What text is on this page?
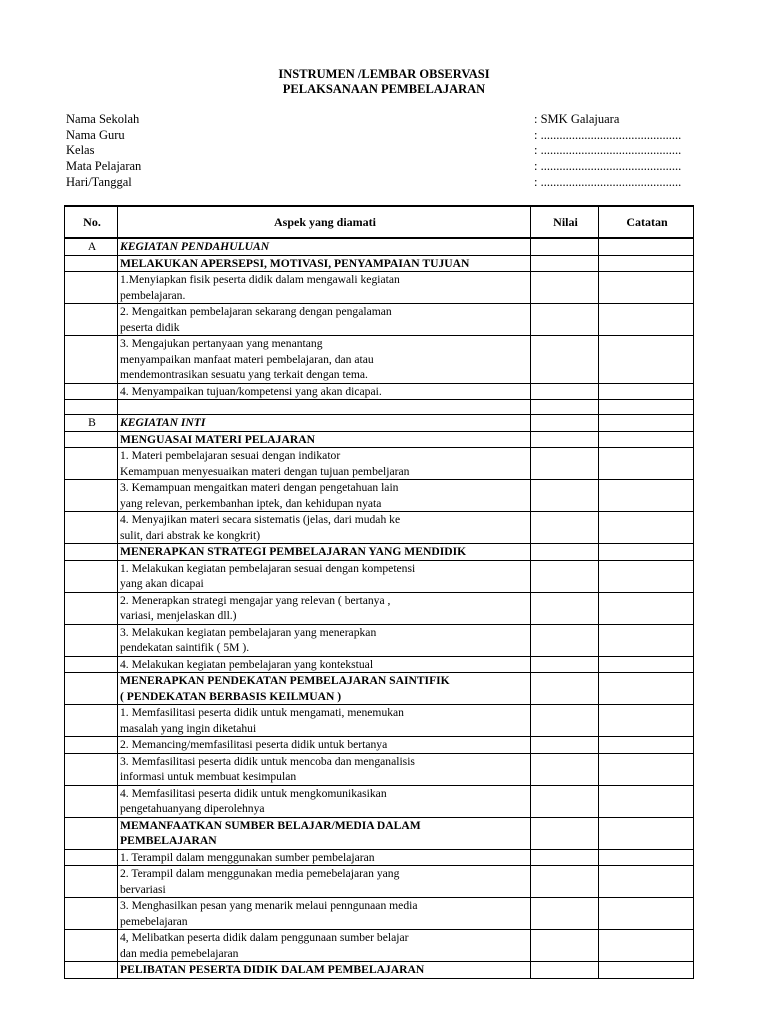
INSTRUMEN /LEMBAR OBSERVASI
PELAKSANAAN PEMBELAJARAN
Nama Sekolah	: SMK Galajuara
Nama Guru	: .............................................
Kelas	: .............................................
Mata Pelajaran	: .............................................
Hari/Tanggal	: .............................................
No.	Aspek yang diamati	Nilai	Catatan
A	KEGIATAN PENDAHULUAN		
	MELAKUKAN APERSEPSI, MOTIVASI, PENYAMPAIAN TUJUAN		
	1.Menyiapkan fisik peserta didik dalam mengawali kegiatan		
	pembelajaran.		
	2. Mengaitkan pembelajaran sekarang dengan pengalaman		
	peserta didik		
	3. Mengajukan pertanyaan yang menantang		
	menyampaikan manfaat materi pembelajaran, dan atau		
	mendemontrasikan sesuatu yang terkait dengan tema.		
	4. Menyampaikan tujuan/kompetensi yang akan dicapai.		

B	KEGIATAN INTI		
	MENGUASAI MATERI PELAJARAN		
	1. Materi pembelajaran sesuai dengan indikator		
	Kemampuan menyesuaikan materi dengan tujuan pembeljaran		
	3. Kemampuan mengaitkan materi dengan pengetahuan lain		
	yang relevan, perkembanhan iptek, dan kehidupan nyata		
	4. Menyajikan materi secara sistematis (jelas, dari mudah ke		
	sulit, dari abstrak ke kongkrit)		
	MENERAPKAN STRATEGI PEMBELAJARAN YANG MENDIDIK		
	1. Melakukan kegiatan pembelajaran sesuai dengan kompetensi		
	yang akan dicapai		
	2. Menerapkan strategi mengajar yang relevan ( bertanya ,		
	variasi, menjelaskan dll.)		
	3. Melakukan kegiatan pembelajaran yang menerapkan		
	pendekatan saintifik ( 5M ).		
	4. Melakukan kegiatan pembelajaran yang kontekstual		
	MENERAPKAN PENDEKATAN PEMBELAJARAN SAINTIFIK		
	( PENDEKATAN BERBASIS KEILMUAN )		
	1. Memfasilitasi peserta didik untuk mengamati, menemukan		
	masalah yang ingin diketahui		
	2. Memancing/memfasilitasi peserta didik untuk bertanya		
	3. Memfasilitasi peserta didik untuk mencoba dan menganalisis		
	informasi untuk membuat kesimpulan		
	4. Memfasilitasi peserta didik untuk mengkomunikasikan		
	pengetahuanyang diperolehnya		
	MEMANFAATKAN SUMBER BELAJAR/MEDIA DALAM		
	PEMBELAJARAN		
	1. Terampil dalam menggunakan sumber pembelajaran		
	2. Terampil dalam menggunakan media pemebelajaran yang		
	bervariasi		
	3. Menghasilkan pesan yang menarik melaui penngunaan media		
	pemebelajaran		
	4, Melibatkan peserta didik dalam penggunaan sumber belajar		
	dan media pemebelajaran		
	PELIBATAN PESERTA DIDIK DALAM PEMBELAJARAN		
